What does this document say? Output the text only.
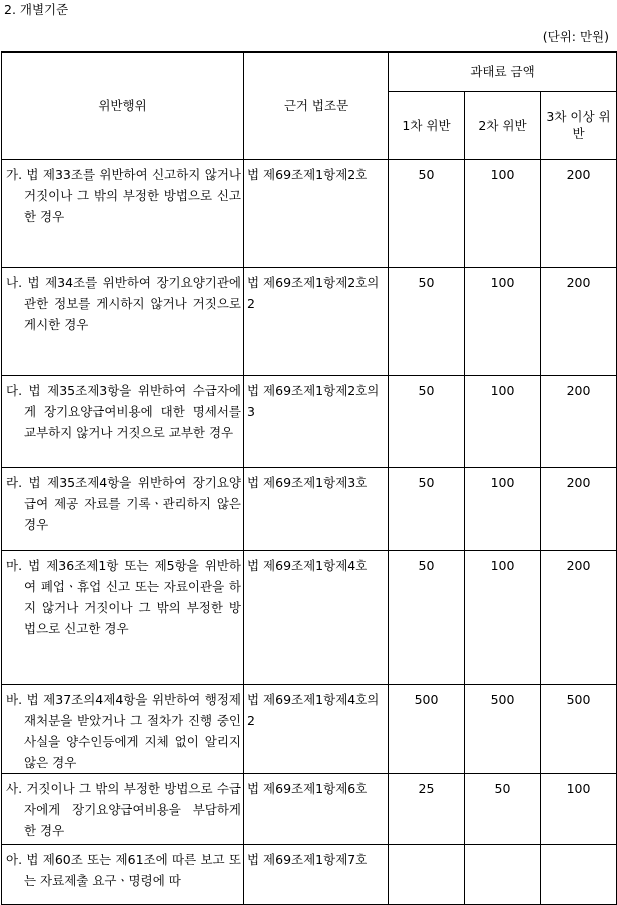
2. 개별기준
(단위: 만원)
위반행위	근거 법조문	과태료 금액		

		1차 위반	2차 위반	3차 이상 위반

가. 법 제33조를 위반하여 신고하지 않거나 거짓이나 그 밖의 부정한 방법으로 신고한 경우	법 제69조제1항제2호	50	100	200

나. 법 제34조를 위반하여 장기요양기관에 관한 정보를 게시하지 않거나 거짓으로 게시한 경우	법 제69조제1항제2호의2	50	100	200

다. 법 제35조제3항을 위반하여 수급자에게 장기요양급여비용에 대한 명세서를 교부하지 않거나 거짓으로 교부한 경우	법 제69조제1항제2호의3	50	100	200

라. 법 제35조제4항을 위반하여 장기요양급여 제공 자료를 기록ㆍ관리하지 않은 경우	법 제69조제1항제3호	50	100	200

마. 법 제36조제1항 또는 제5항을 위반하여 폐업ㆍ휴업 신고 또는 자료이관을 하지 않거나 거짓이나 그 밖의 부정한 방법으로 신고한 경우	법 제69조제1항제4호	50	100	200

바. 법 제37조의4제4항을 위반하여 행정제재처분을 받았거나 그 절차가 진행 중인 사실을 양수인등에게 지체 없이 알리지 않은 경우	법 제69조제1항제4호의2	500	500	500

사. 거짓이나 그 밖의 부정한 방법으로 수급자에게 장기요양급여비용을 부담하게 한 경우	법 제69조제1항제6호	25	50	100

아. 법 제60조 또는 제61조에 따른 보고 또는 자료제출 요구ㆍ명령에 따	법 제69조제1항제7호			
